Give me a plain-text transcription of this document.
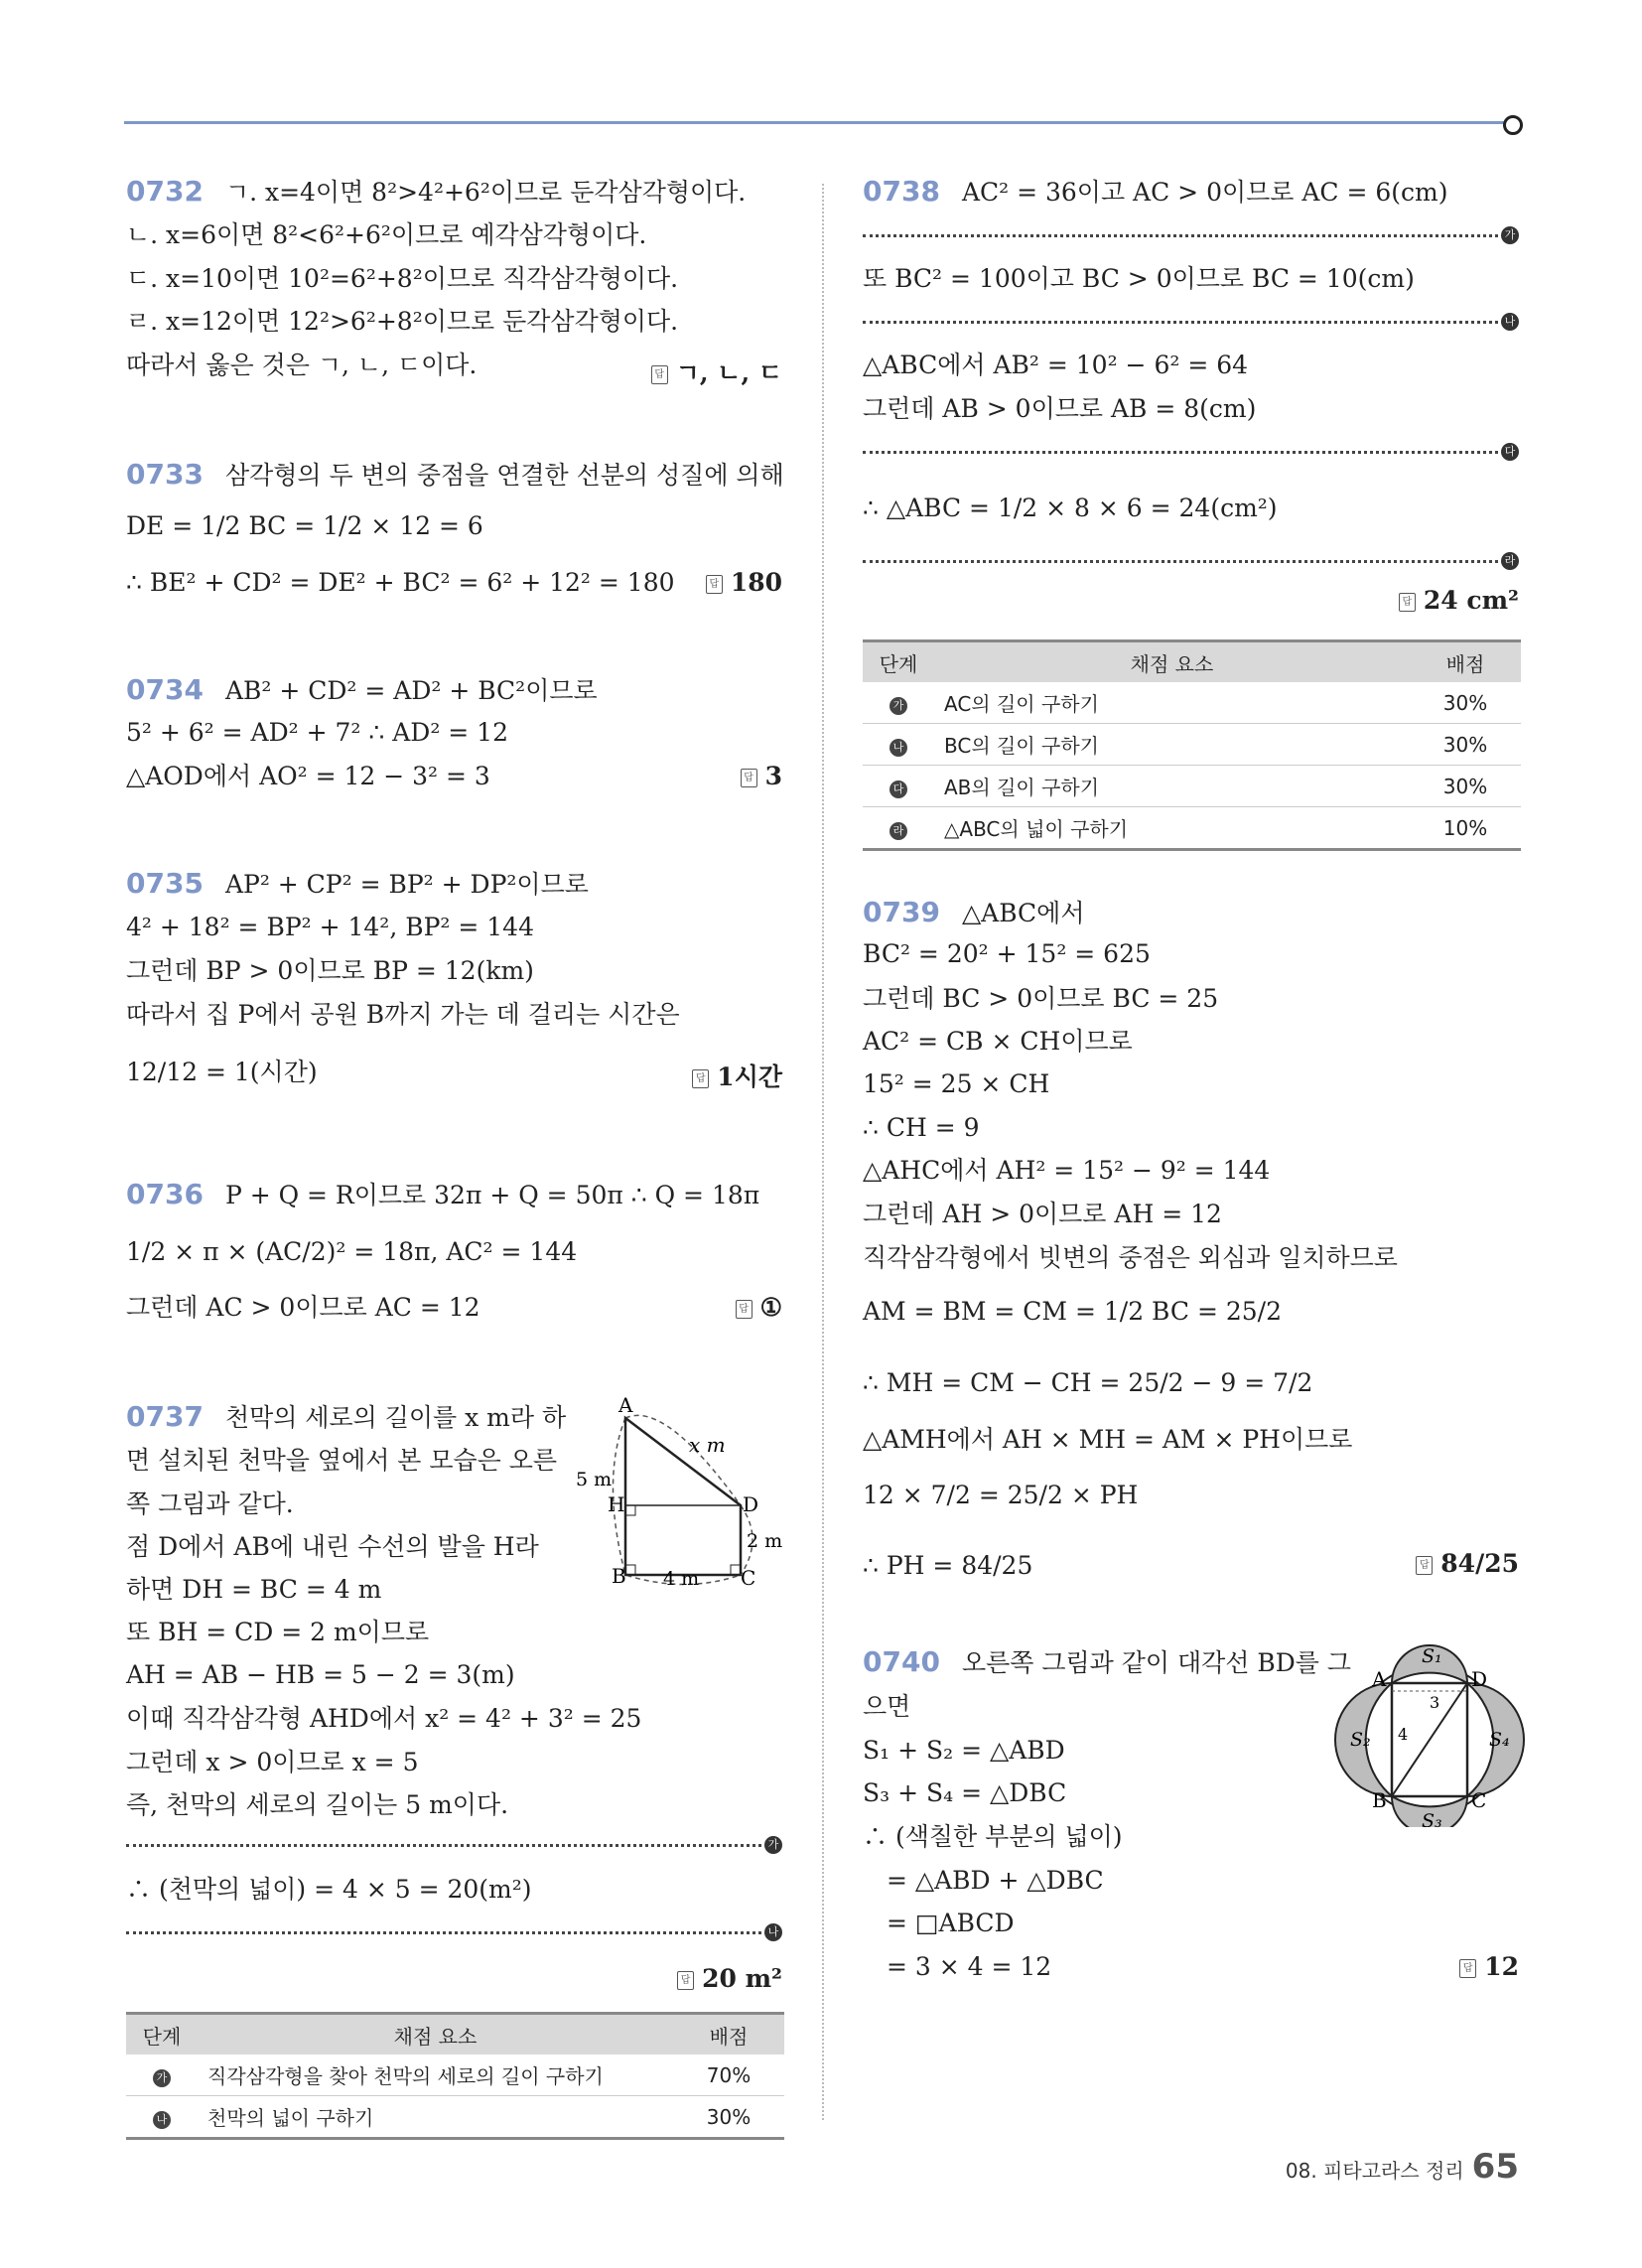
0732 ㄱ. x=4이면 8²>4²+6²이므로 둔각삼각형이다.
ㄴ. x=6이면 8²<6²+6²이므로 예각삼각형이다.
ㄷ. x=10이면 10²=6²+8²이므로 직각삼각형이다.
ㄹ. x=12이면 12²>6²+8²이므로 둔각삼각형이다.
따라서 옳은 것은 ㄱ, ㄴ, ㄷ이다.	답 ㄱ, ㄴ, ㄷ
0733 삼각형의 두 변의 중점을 연결한 선분의 성질에 의해
DE = 1/2 BC = 1/2 × 12 = 6
∴ BE² + CD² = DE² + BC² = 6² + 12² = 180	답 180
0734 AB² + CD² = AD² + BC²이므로
5² + 6² = AD² + 7² ∴ AD² = 12
△AOD에서 AO² = 12 − 3² = 3	답 3
0735 AP² + CP² = BP² + DP²이므로
4² + 18² = BP² + 14², BP² = 144
그런데 BP > 0이므로 BP = 12(km)
따라서 집 P에서 공원 B까지 가는 데 걸리는 시간은
12/12 = 1(시간)	답 1시간
0736 P + Q = R이므로 32π + Q = 50π ∴ Q = 18π
1/2 × π × (AC/2)² = 18π, AC² = 144
그런데 AC > 0이므로 AC = 12	답 ①
0737 천막의 세로의 길이를 x m라 하
면 설치된 천막을 옆에서 본 모습은 오른
쪽 그림과 같다.
점 D에서 AB에 내린 수선의 발을 H라
하면 DH = BC = 4 m
또 BH = CD = 2 m이므로
AH = AB − HB = 5 − 2 = 3(m)
이때 직각삼각형 AHD에서 x² = 4² + 3² = 25
그런데 x > 0이므로 x = 5
즉, 천막의 세로의 길이는 5 m이다.
가
∴ (천막의 넓이) = 4 × 5 = 20(m²)
나
답 20 m²
A
B	C
D
H
x m
5 m
2 m
4 m
단계	채점 요소	배점
가	직각삼각형을 찾아 천막의 세로의 길이 구하기	70%
나	천막의 넓이 구하기	30%
0738 AC² = 36이고 AC > 0이므로 AC = 6(cm)
가
또 BC² = 100이고 BC > 0이므로 BC = 10(cm)
나
△ABC에서 AB² = 10² − 6² = 64
그런데 AB > 0이므로 AB = 8(cm)
다
∴ △ABC = 1/2 × 8 × 6 = 24(cm²)
라
답 24 cm²
단계	채점 요소	배점
가	AC의 길이 구하기	30%
나	BC의 길이 구하기	30%
다	AB의 길이 구하기	30%
라	△ABC의 넓이 구하기	10%
0739 △ABC에서
BC² = 20² + 15² = 625
그런데 BC > 0이므로 BC = 25
AC² = CB × CH이므로
15² = 25 × CH
∴ CH = 9
△AHC에서 AH² = 15² − 9² = 144
그런데 AH > 0이므로 AH = 12
직각삼각형에서 빗변의 중점은 외심과 일치하므로
AM = BM = CM = 1/2 BC = 25/2
∴ MH = CM − CH = 25/2 − 9 = 7/2
△AMH에서 AH × MH = AM × PH이므로
12 × 7/2 = 25/2 × PH
∴ PH = 84/25	답 84/25
0740 오른쪽 그림과 같이 대각선 BD를 그
으면
S₁ + S₂ = △ABD
S₃ + S₄ = △DBC
∴ (색칠한 부분의 넓이)
= △ABD + △DBC
= □ABCD
= 3 × 4 = 12	답 12
A	D
B	C
S₁
S₂
S₃
S₄
3
4
08. 피타고라스 정리 65
